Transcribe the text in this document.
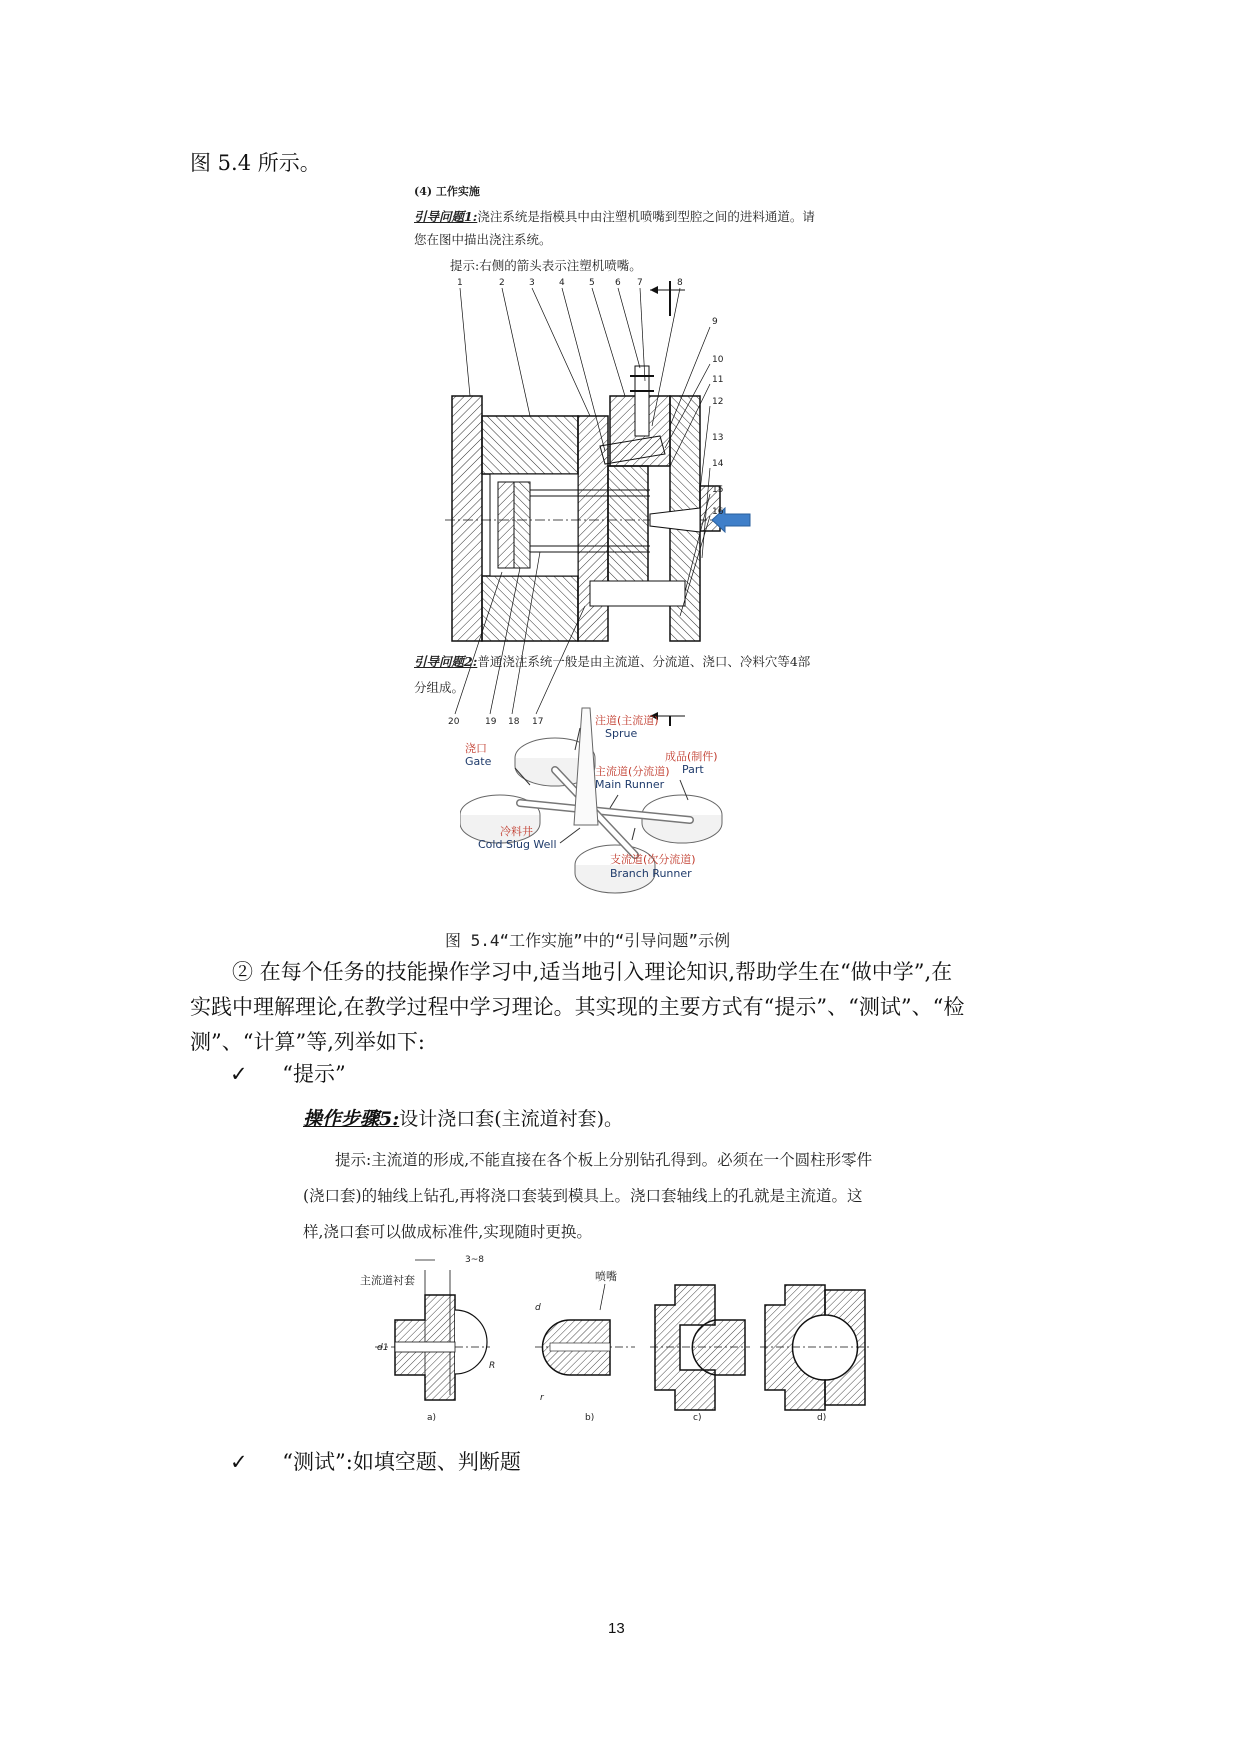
图 5.4 所示。
(4) 工作实施
引导问题1:浇注系统是指模具中由注塑机喷嘴到型腔之间的进料通道。请
您在图中描出浇注系统。
提示:右侧的箭头表示注塑机喷嘴。
1	2	3	4	5 6 7	8
9
10
11
12
13
14
15
16
20	19 18 17
引导问题2:普通浇注系统一般是由主流道、分流道、浇口、冷料穴等4部
分组成。
注道(主流道)
Sprue
浇口
Gate	成品(制件)
Part
主流道(分流道)
Main Runner
冷料井
Cold Slug Well
支流道(次分流道)
Branch Runner
图 5.4“工作实施”中的“引导问题”示例
② 在每个任务的技能操作学习中,适当地引入理论知识,帮助学生在“做中学”,在
实践中理解理论,在教学过程中学习理论。其实现的主要方式有“提示”、“测试”、“检
测”、“计算”等,列举如下:
✓ “提示”
操作步骤5:设计浇口套(主流道衬套)。
提示:主流道的形成,不能直接在各个板上分别钻孔得到。必须在一个圆柱形零件
(浇口套)的轴线上钻孔,再将浇口套装到模具上。浇口套轴线上的孔就是主流道。这
样,浇口套可以做成标准件,实现随时更换。
主流道衬套
3~8
d1
R
a)
喷嘴
d
r
b)	c)	d)
✓ “测试”:如填空题、判断题
13
